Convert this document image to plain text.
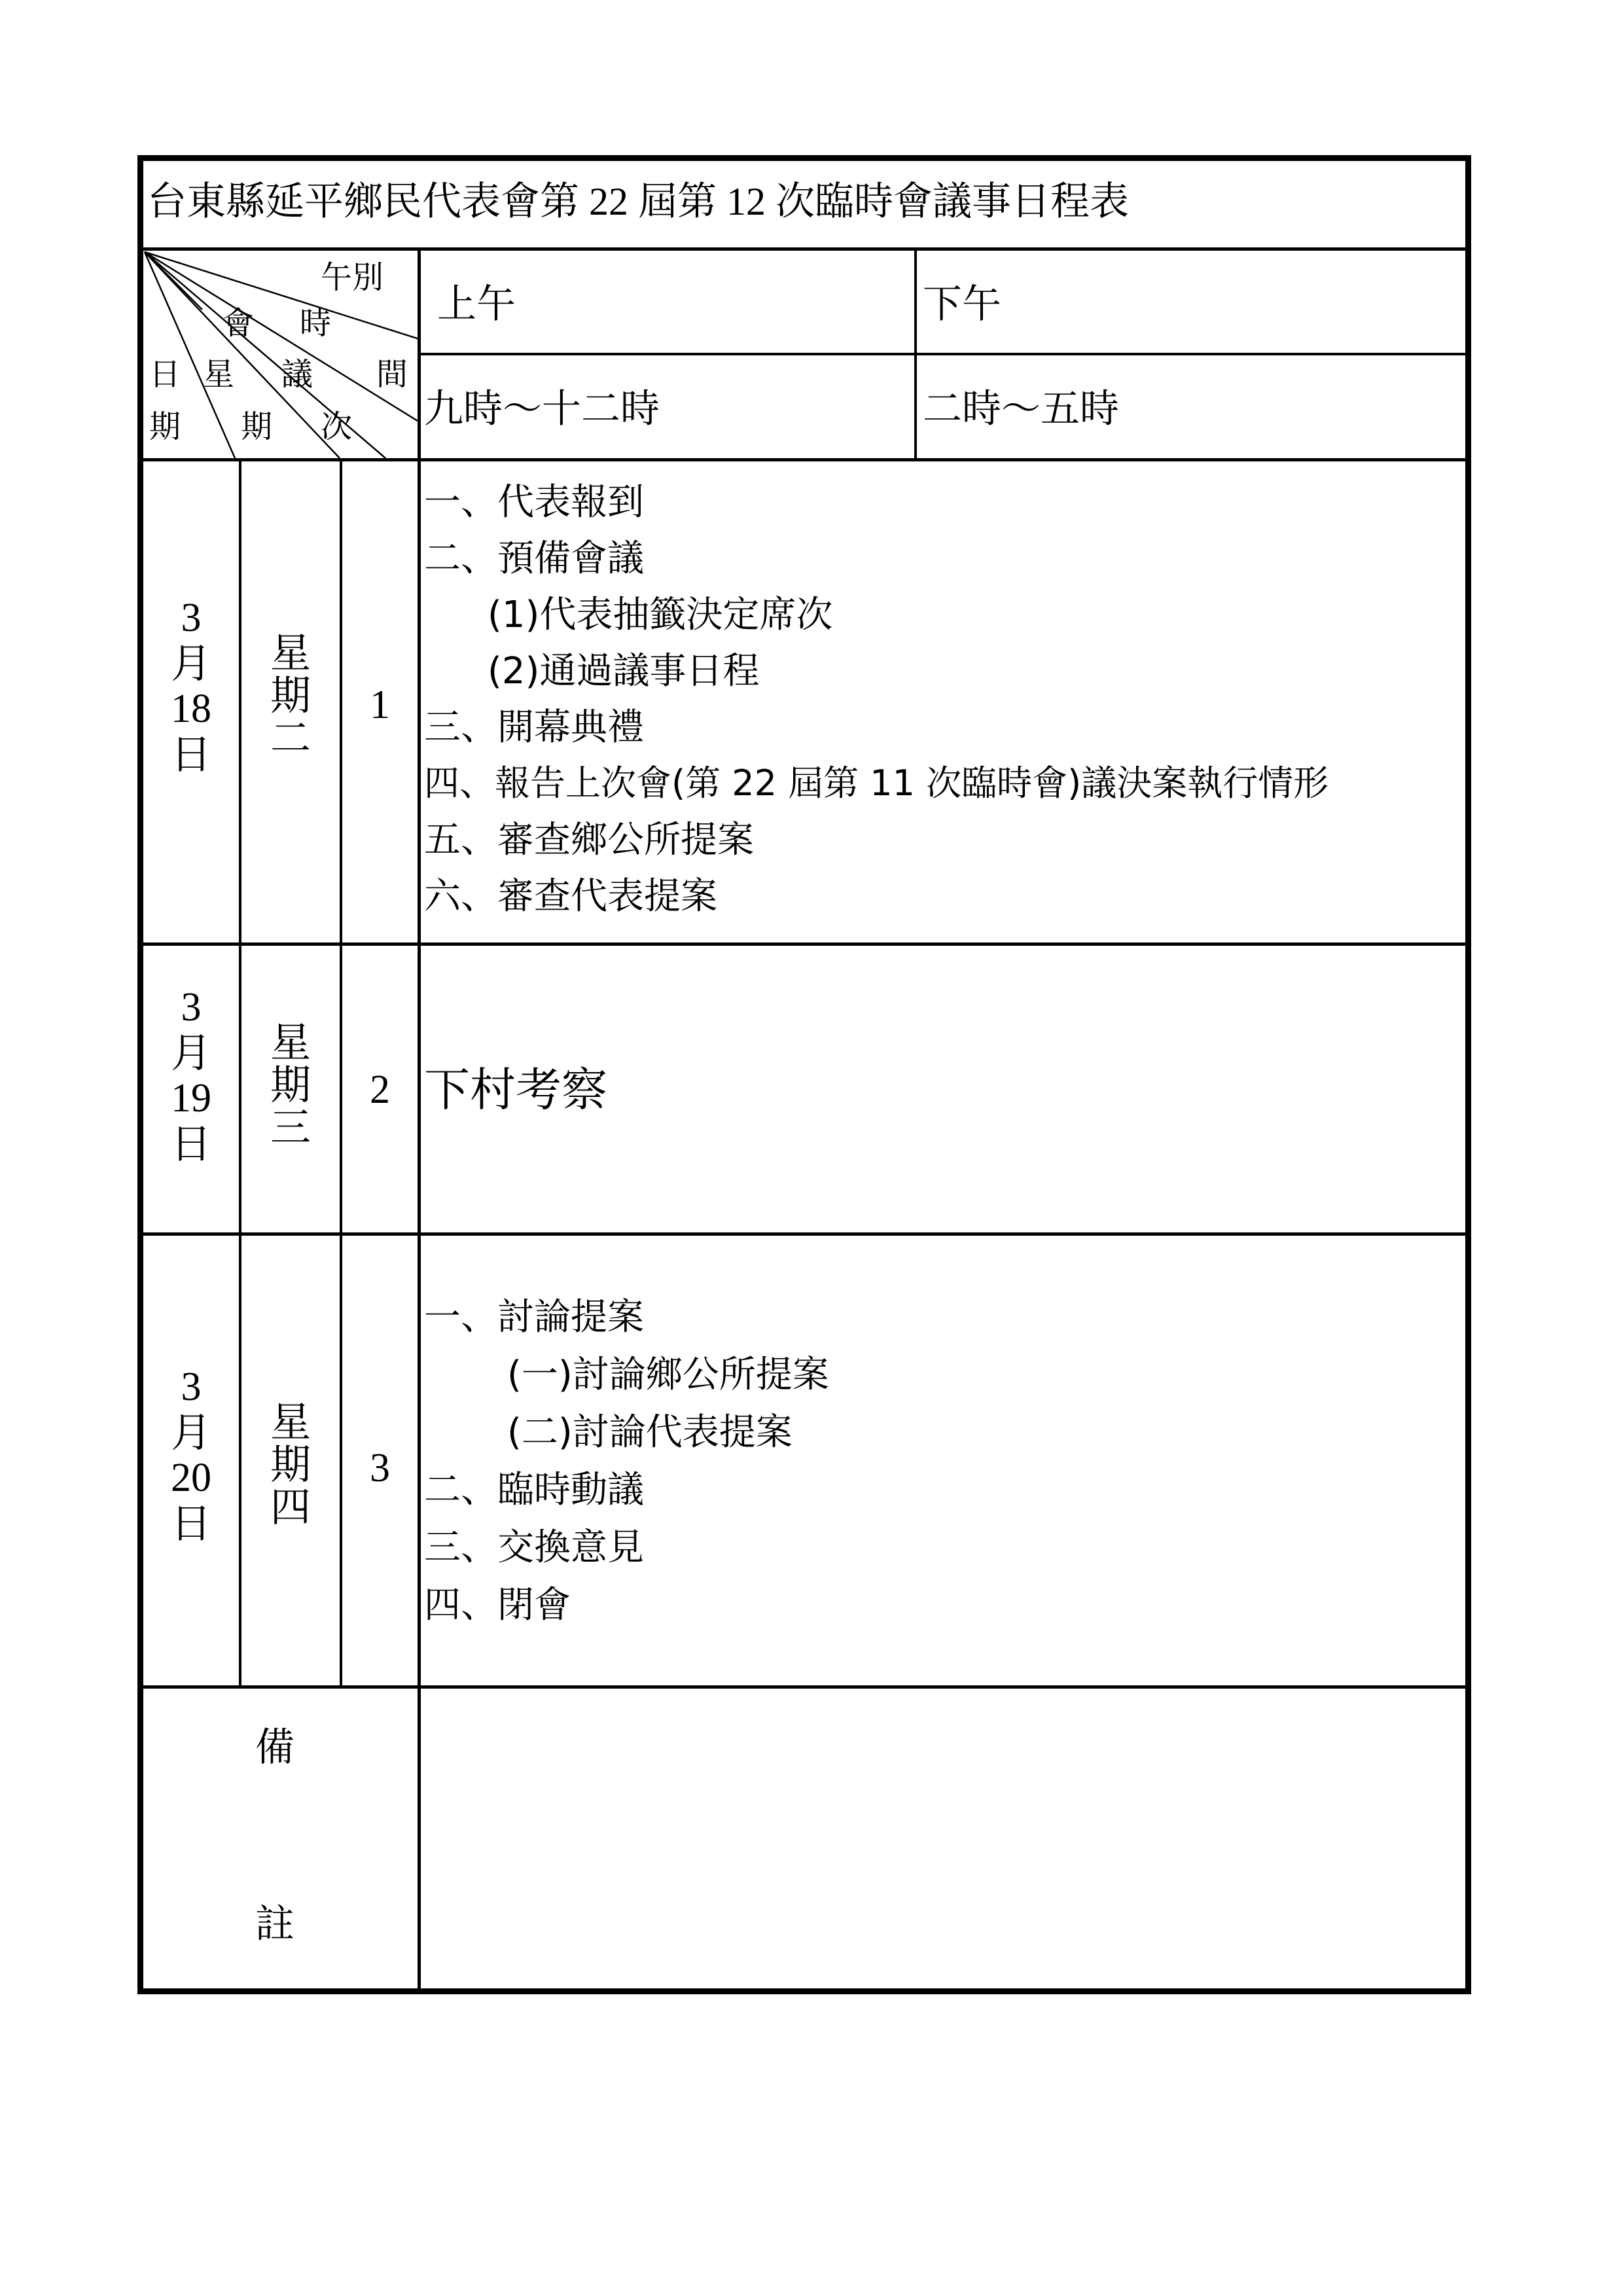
台東縣延平鄉民代表會第 22 屆第 12 次臨時會議事日程表
午別
會 時
日 星 議 間
期 期 次
上午	下午
九時～十二時	二時～五時
3
月
18
日
星
期
二
1
一、代表報到
二、預備會議
(1)代表抽籤決定席次
(2)通過議事日程
三、開幕典禮
四、報告上次會(第 22 屆第 11 次臨時會)議決案執行情形
五、審查鄉公所提案
六、審查代表提案
3
月
19
日
星
期
三
2 下村考察
3
月
20
日
星
期
四
3
一、討論提案
(一)討論鄉公所提案
(二)討論代表提案
二、臨時動議
三、交換意見
四、閉會
備
註
